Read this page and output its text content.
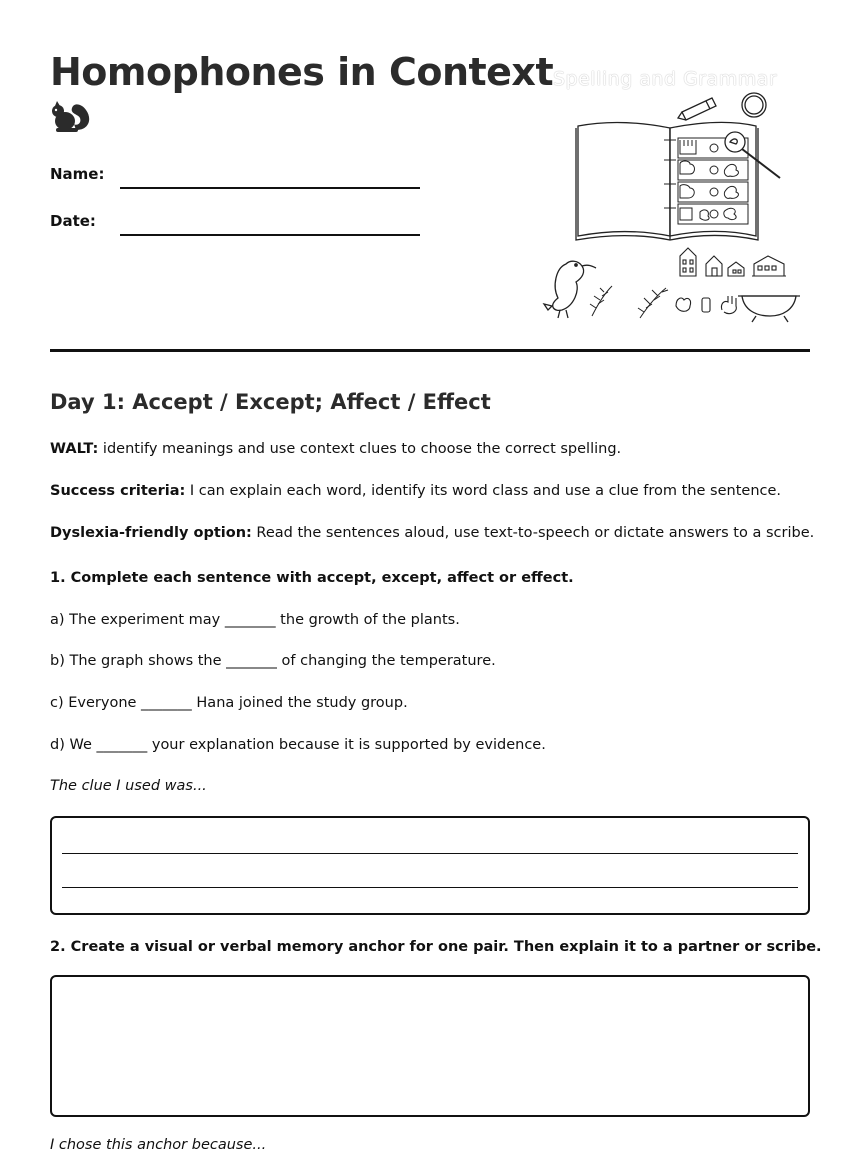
Homophones in Context
Name:
Date:
Spelling and Grammar
Day 1: Accept / Except; Affect / Effect
WALT: identify meanings and use context clues to choose the correct spelling.
Success criteria: I can explain each word, identify its word class and use a clue from the sentence.
Dyslexia-friendly option: Read the sentences aloud, use text-to-speech or dictate answers to a scribe.
1. Complete each sentence with accept, except, affect or effect.
a) The experiment may _______ the growth of the plants.
b) The graph shows the _______ of changing the temperature.
c) Everyone _______ Hana joined the study group.
d) We _______ your explanation because it is supported by evidence.
The clue I used was...
2. Create a visual or verbal memory anchor for one pair. Then explain it to a partner or scribe.
I chose this anchor because...
